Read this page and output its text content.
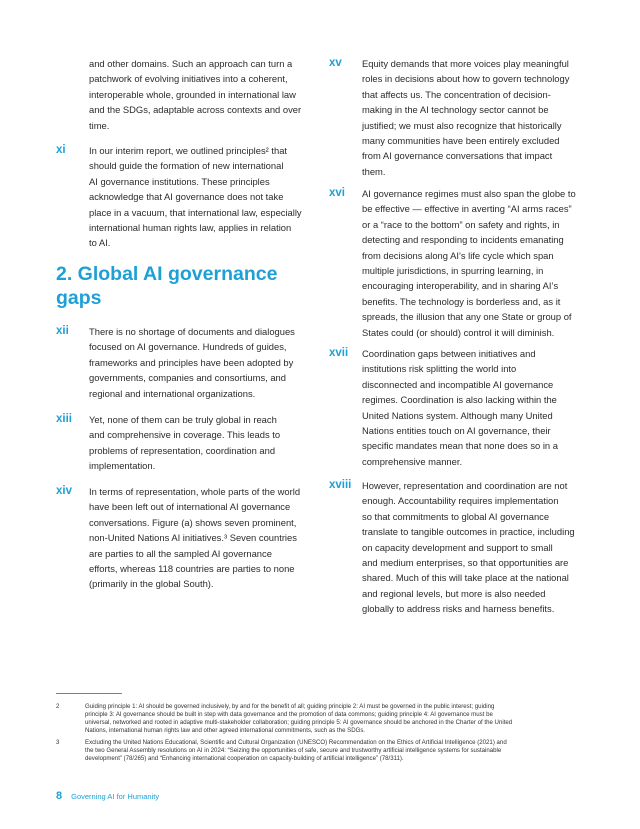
and other domains. Such an approach can turn a
patchwork of evolving initiatives into a coherent,
interoperable whole, grounded in international law
and the SDGs, adaptable across contexts and over
time.

xi In our interim report, we outlined principles² that
should guide the formation of new international
AI governance institutions. These principles
acknowledge that AI governance does not take
place in a vacuum, that international law, especially
international human rights law, applies in relation
to AI.

2. Global AI governance
gaps
xii There is no shortage of documents and dialogues
focused on AI governance. Hundreds of guides,
frameworks and principles have been adopted by
governments, companies and consortiums, and
regional and international organizations.

xiii Yet, none of them can be truly global in reach
and comprehensive in coverage. This leads to
problems of representation, coordination and
implementation.

xiv In terms of representation, whole parts of the world
have been left out of international AI governance
conversations. Figure (a) shows seven prominent,
non-United Nations AI initiatives.³ Seven countries
are parties to all the sampled AI governance
efforts, whereas 118 countries are parties to none
(primarily in the global South).

xv Equity demands that more voices play meaningful
roles in decisions about how to govern technology
that affects us. The concentration of decision-
making in the AI technology sector cannot be
justified; we must also recognize that historically
many communities have been entirely excluded
from AI governance conversations that impact
them.

xvi AI governance regimes must also span the globe to
be effective — effective in averting “AI arms races”
or a “race to the bottom” on safety and rights, in
detecting and responding to incidents emanating
from decisions along AI’s life cycle which span
multiple jurisdictions, in spurring learning, in
encouraging interoperability, and in sharing AI’s
benefits. The technology is borderless and, as it
spreads, the illusion that any one State or group of
States could (or should) control it will diminish.

xvii Coordination gaps between initiatives and
institutions risk splitting the world into
disconnected and incompatible AI governance
regimes. Coordination is also lacking within the
United Nations system. Although many United
Nations entities touch on AI governance, their
specific mandates mean that none does so in a
comprehensive manner.

xviii However, representation and coordination are not
enough. Accountability requires implementation
so that commitments to global AI governance
translate to tangible outcomes in practice, including
on capacity development and support to small
and medium enterprises, so that opportunities are
shared. Much of this will take place at the national
and regional levels, but more is also needed
globally to address risks and harness benefits.

2	Guiding principle 1: AI should be governed inclusively, by and for the benefit of all; guiding principle 2: AI must be governed in the public interest; guiding
principle 3: AI governance should be built in step with data governance and the promotion of data commons; guiding principle 4: AI governance must be
universal, networked and rooted in adaptive multi-stakeholder collaboration; guiding principle 5: AI governance should be anchored in the Charter of the United
Nations, international human rights law and other agreed international commitments, such as the SDGs.
3	Excluding the United Nations Educational, Scientific and Cultural Organization (UNESCO) Recommendation on the Ethics of Artificial Intelligence (2021) and
the two General Assembly resolutions on AI in 2024: “Seizing the opportunities of safe, secure and trustworthy artificial intelligence systems for sustainable
development” (78/265) and “Enhancing international cooperation on capacity-building of artificial intelligence” (78/311).
8 Governing AI for Humanity
